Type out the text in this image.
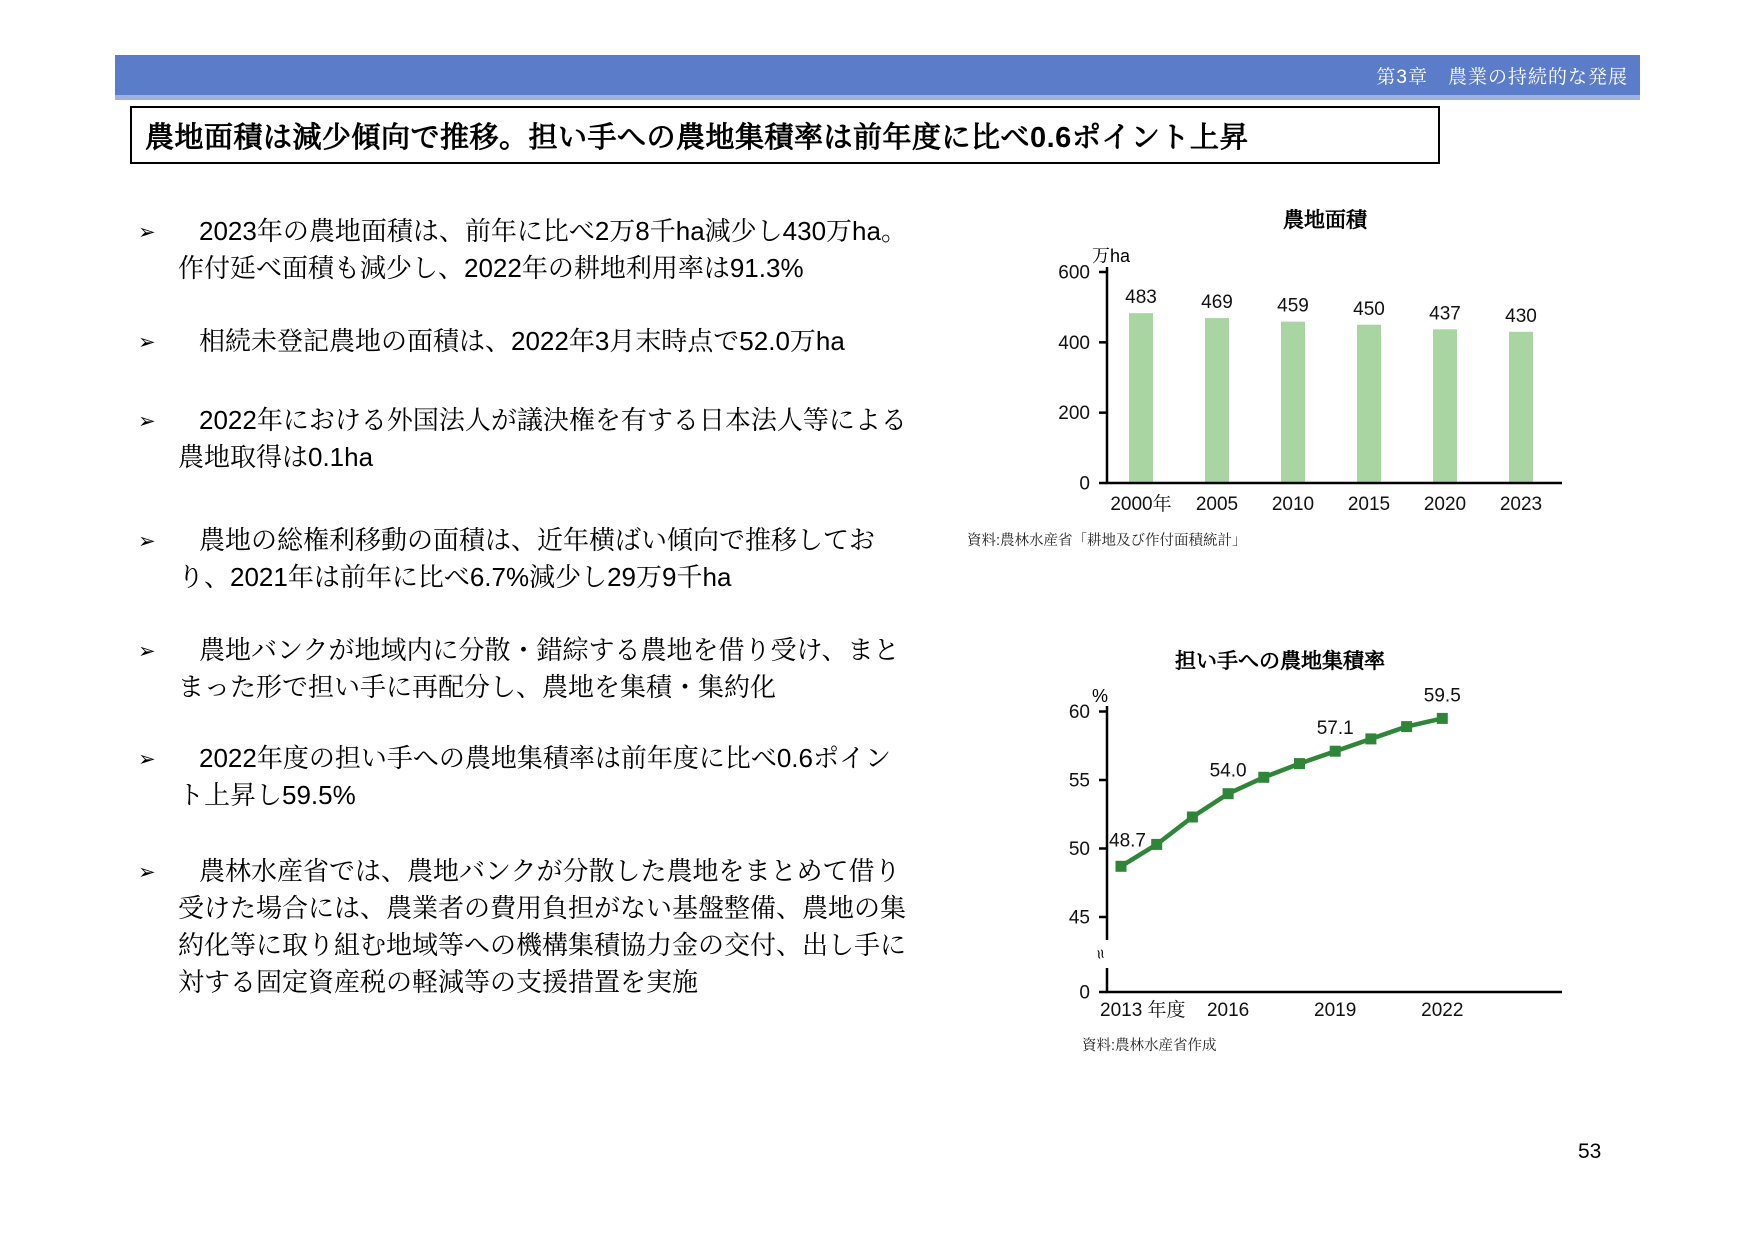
第3章　農業の持続的な発展
農地面積は減少傾向で推移。担い手への農地集積率は前年度に比べ0.6ポイント上昇
➢ 2023年の農地面積は、前年に比べ2万8千ha減少し430万ha。作付延べ面積も減少し、2022年の耕地利用率は91.3%
➢ 相続未登記農地の面積は、2022年3月末時点で52.0万ha
➢ 2022年における外国法人が議決権を有する日本法人等による農地取得は0.1ha
➢ 農地の総権利移動の面積は、近年横ばい傾向で推移しており、2021年は前年に比べ6.7%減少し29万9千ha
➢ 農地バンクが地域内に分散・錯綜する農地を借り受け、まとまった形で担い手に再配分し、農地を集積・集約化
➢ 2022年度の担い手への農地集積率は前年度に比べ0.6ポイント上昇し59.5%
➢ 農林水産省では、農地バンクが分散した農地をまとめて借り受けた場合には、農業者の費用負担がない基盤整備、農地の集約化等に取り組む地域等への機構集積協力金の交付、出し手に対する固定資産税の軽減等の支援措置を実施
農地面積
万ha
600
400
200
0
483
2000年
469
2005
459
2010
450
2015
437
2020
430
2023
資料:農林水産省「耕地及び作付面積統計」
担い手への農地集積率
%
60
55
50
45
0
≈
48.7
54.0
57.1
59.5
2013 年度 2016	2019	2022
資料:農林水産省作成
53
